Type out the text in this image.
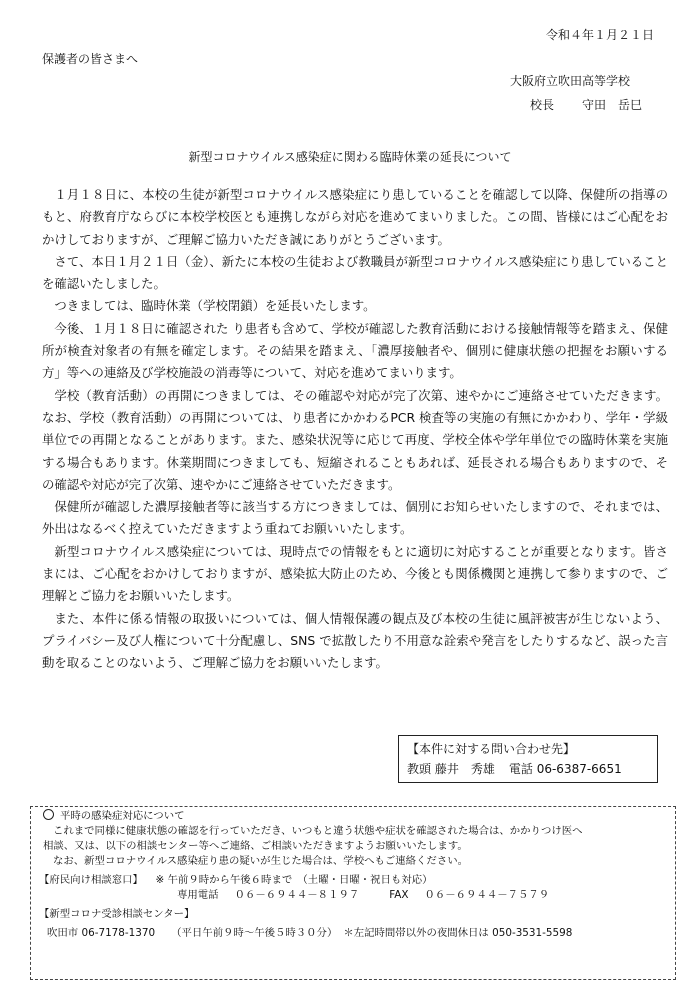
令和４年１月２１日
保護者の皆さまへ
大阪府立吹田高等学校
校長 守田　岳巳
新型コロナウイルス感染症に関わる臨時休業の延長について

１月１８日に、本校の生徒が新型コロナウイルス感染症にり患していることを確認して以降、保健所の指導のもと、府教育庁ならびに本校学校医とも連携しながら対応を進めてまいりました。この間、皆様にはご心配をおかけしておりますが、ご理解ご協力いただき誠にありがとうございます。

さて、本日１月２１日（金）、新たに本校の生徒および教職員が新型コロナウイルス感染症にり患していることを確認いたしました。

つきましては、臨時休業（学校閉鎖）を延長いたします。

今後、１月１８日に確認された り患者も含めて、学校が確認した教育活動における接触情報等を踏まえ、保健所が検査対象者の有無を確定します。その結果を踏まえ、「濃厚接触者や、個別に健康状態の把握をお願いする方」等への連絡及び学校施設の消毒等について、対応を進めてまいります。

学校（教育活動）の再開につきましては、その確認や対応が完了次第、速やかにご連絡させていただきます。なお、学校（教育活動）の再開については、り患者にかかわるPCR 検査等の実施の有無にかかわり、学年・学級単位での再開となることがあります。また、感染状況等に応じて再度、学校全体や学年単位での臨時休業を実施する場合もあります。休業期間につきましても、短縮されることもあれば、延長される場合もありますので、その確認や対応が完了次第、速やかにご連絡させていただきます。

保健所が確認した濃厚接触者等に該当する方につきましては、個別にお知らせいたしますので、それまでは、外出はなるべく控えていただきますよう重ねてお願いいたします。

新型コロナウイルス感染症については、現時点での情報をもとに適切に対応することが重要となります。皆さまには、ご心配をおかけしておりますが、感染拡大防止のため、今後とも関係機関と連携して参りますので、ご理解とご協力をお願いいたします。

また、本件に係る情報の取扱いについては、個人情報保護の観点及び本校の生徒に風評被害が生じないよう、プライバシー及び人権について十分配慮し、SNS で拡散したり不用意な詮索や発言をしたりするなど、誤った言動を取ることのないよう、ご理解ご協力をお願いいたします。

【本件に対する問い合わせ先】
教頭 藤井　秀雄 電話 06-6387-6651
平時の感染症対応について
これまで同様に健康状態の確認を行っていただき、いつもと違う状態や症状を確認された場合は、かかりつけ医へ
相談、又は、以下の相談センター等へご連絡、ご相談いただきますようお願いいたします。
なお、新型コロナウイルス感染症り患の疑いが生じた場合は、学校へもご連絡ください。
【府民向け相談窓口】 ※ 午前９時から午後６時まで　（土曜・日曜・祝日も対応）
専用電話 ０６－６９４４－８１９７	FAX ０６－６９４４－７５７９
【新型コロナ受診相談センター】
吹田市 06-7178-1370 （平日午前９時～午後５時３０分） ＊左記時間帯以外の夜間休日は 050-3531-5598
